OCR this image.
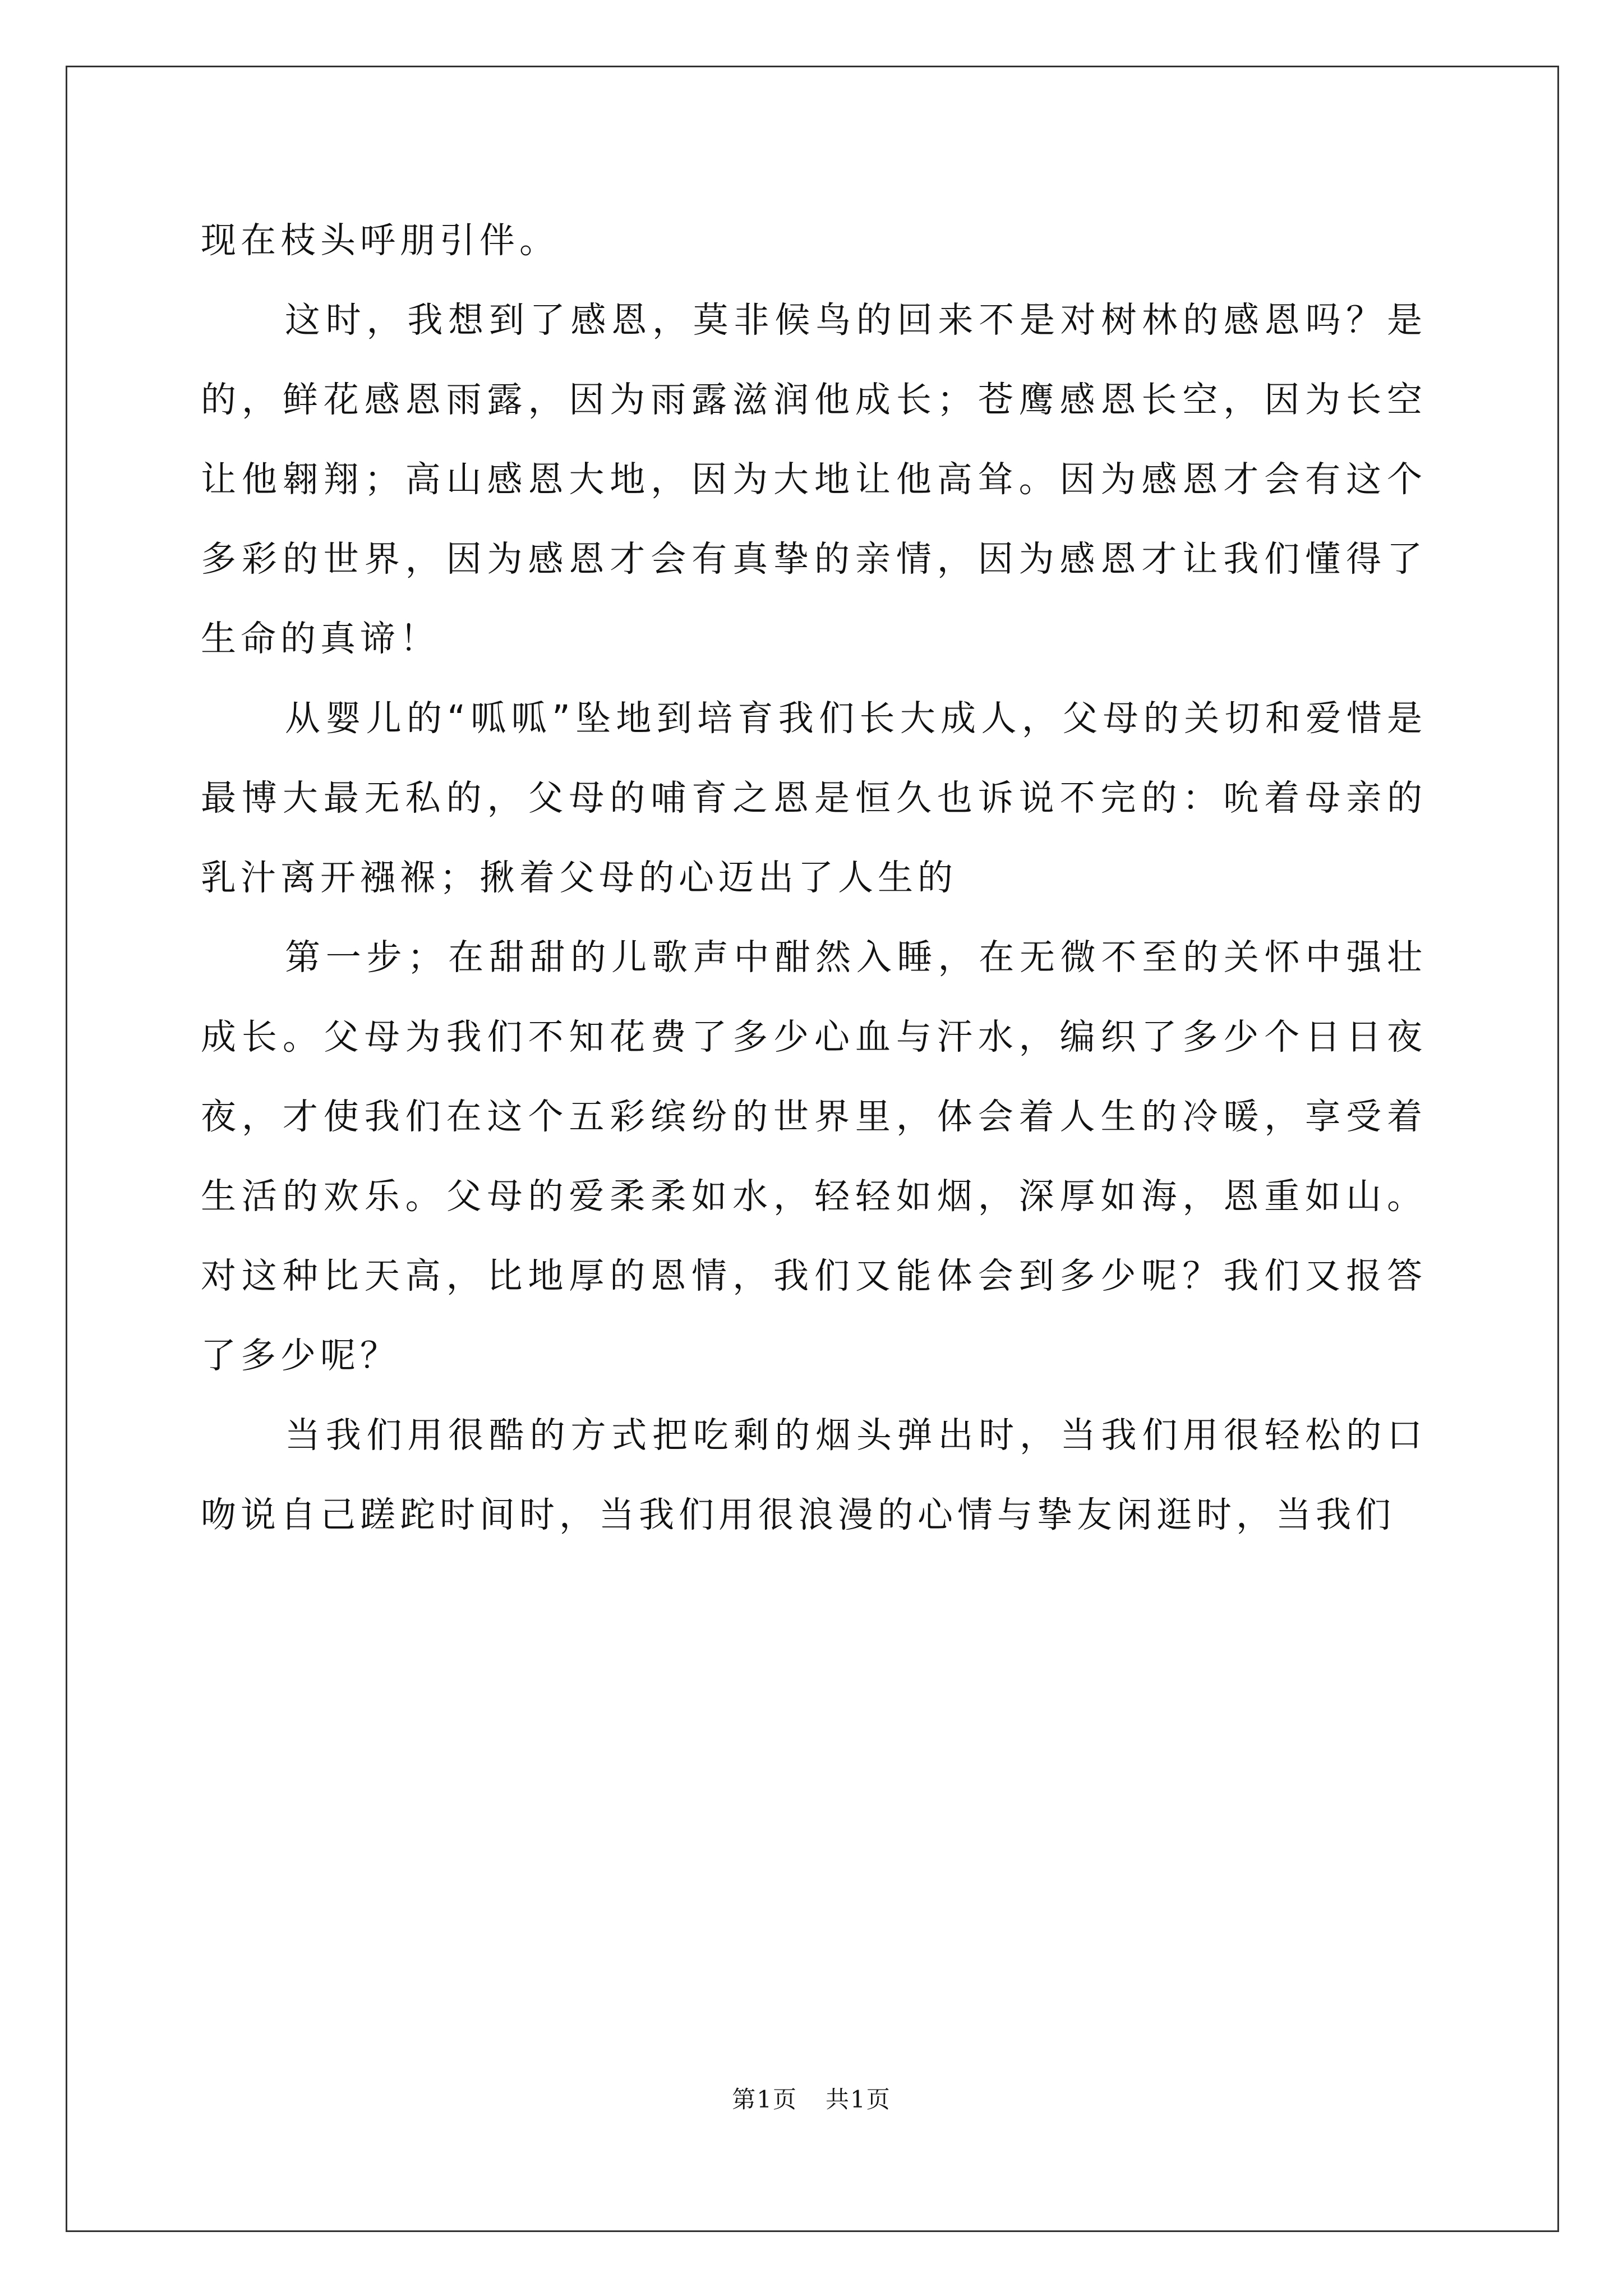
现在枝头呼朋引伴。

这时，我想到了感恩，莫非候鸟的回来不是对树林的感恩吗？是的，鲜花感恩雨露，因为雨露滋润他成长；苍鹰感恩长空，因为长空让他翱翔；高山感恩大地，因为大地让他高耸。因为感恩才会有这个多彩的世界，因为感恩才会有真挚的亲情，因为感恩才让我们懂得了生命的真谛！

从婴儿的“呱呱”坠地到培育我们长大成人，父母的关切和爱惜是最博大最无私的，父母的哺育之恩是恒久也诉说不完的：吮着母亲的乳汁离开襁褓；揪着父母的心迈出了人生的

第一步；在甜甜的儿歌声中酣然入睡，在无微不至的关怀中强壮成长。父母为我们不知花费了多少心血与汗水，编织了多少个日日夜夜，才使我们在这个五彩缤纷的世界里，体会着人生的冷暖，享受着生活的欢乐。父母的爱柔柔如水，轻轻如烟，深厚如海，恩重如山。对这种比天高，比地厚的恩情，我们又能体会到多少呢？我们又报答了多少呢？

当我们用很酷的方式把吃剩的烟头弹出时，当我们用很轻松的口吻说自己蹉跎时间时，当我们用很浪漫的心情与挚友闲逛时，当我们

第1页 共1页
